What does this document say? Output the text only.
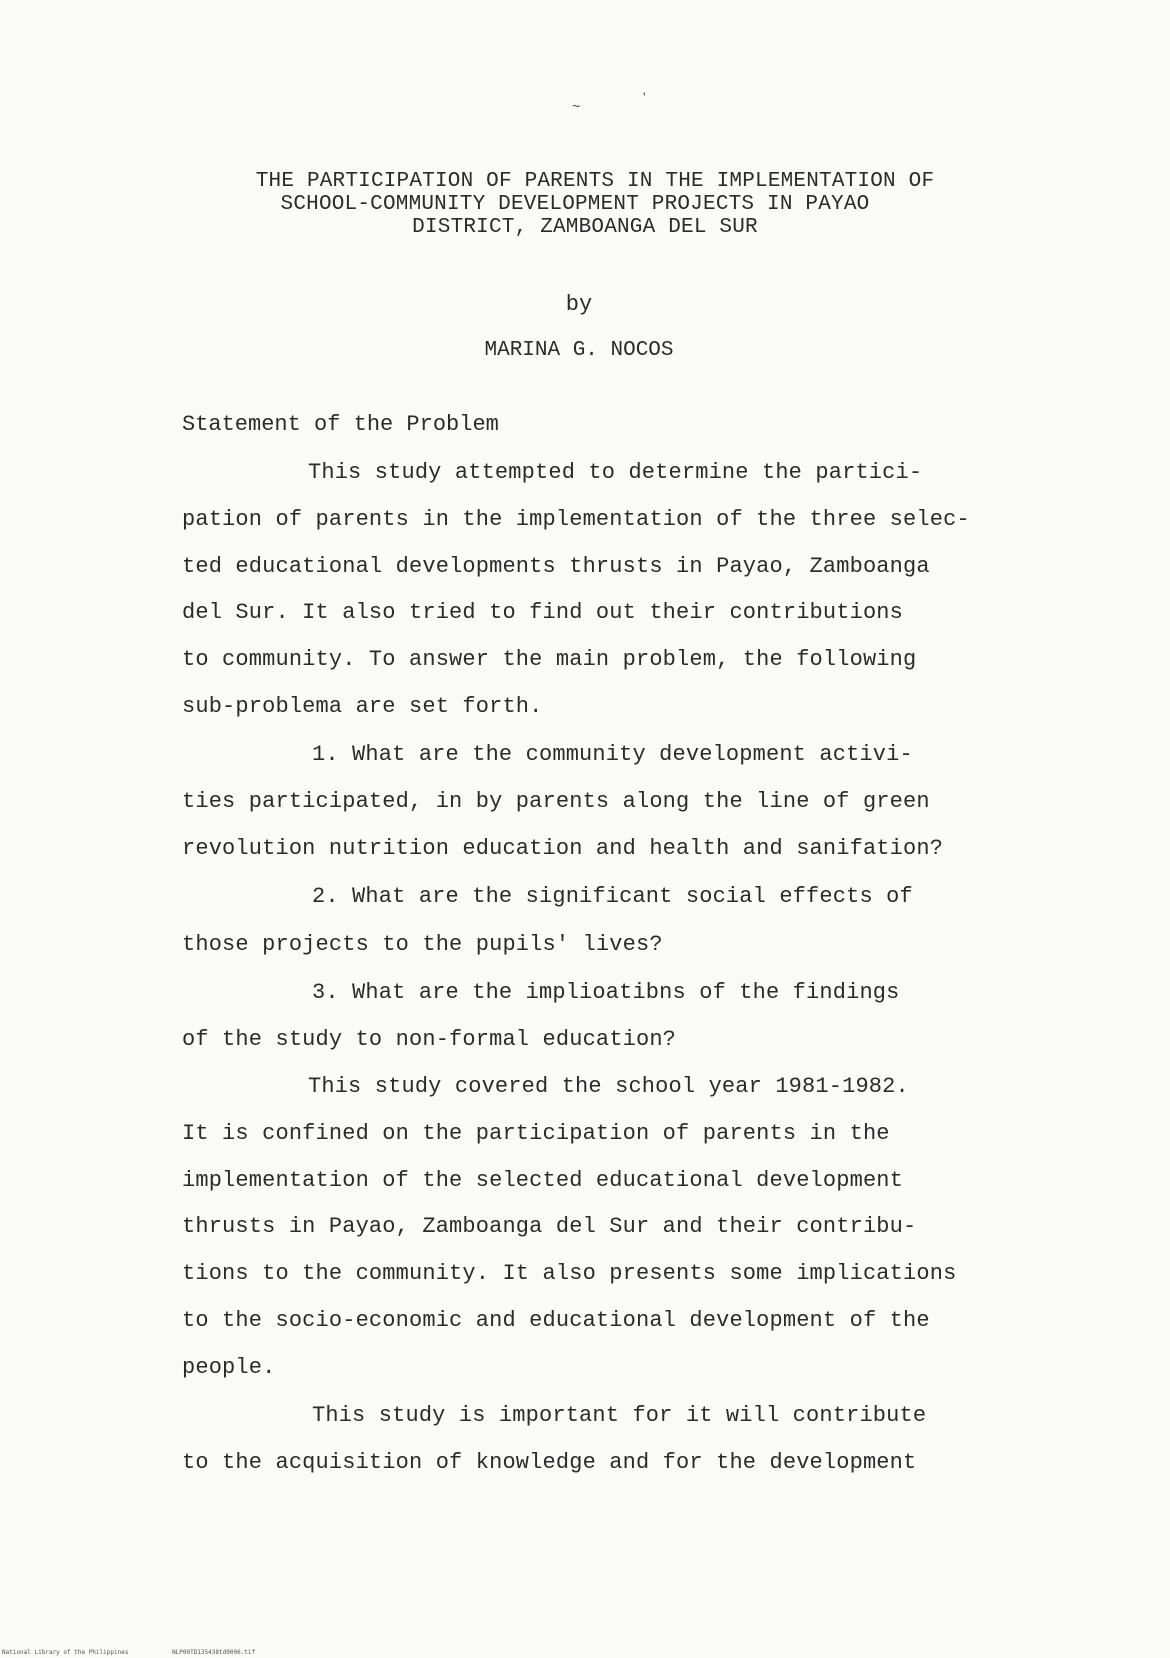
~	ʼ
THE PARTICIPATION OF PARENTS IN THE IMPLEMENTATION OF
SCHOOL-COMMUNITY DEVELOPMENT PROJECTS IN PAYAO
DISTRICT, ZAMBOANGA DEL SUR
by
MARINA G. NOCOS
Statement of the Problem
This study attempted to determine the partici-
pation of parents in the implementation of the three selec-
ted educational developments thrusts in Payao, Zamboanga
del Sur. It also tried to find out their contributions
to community. To answer the main problem, the following
sub-problema are set forth.
1. What are the community development activi-
ties participated, in by parents along the line of green
revolution nutrition education and health and sanifation?
2. What are the significant social effects of
those projects to the pupils' lives?
3. What are the implioatibns of the findings
of the study to non-formal education?
This study covered the school year 1981-1982.
It is confined on the participation of parents in the
implementation of the selected educational development
thrusts in Payao, Zamboanga del Sur and their contribu-
tions to the community. It also presents some implications
to the socio-economic and educational development of the
people.
This study is important for it will contribute
to the acquisition of knowledge and for the development
National Library of the Philippines	NLP00TD135438td0006.tif
